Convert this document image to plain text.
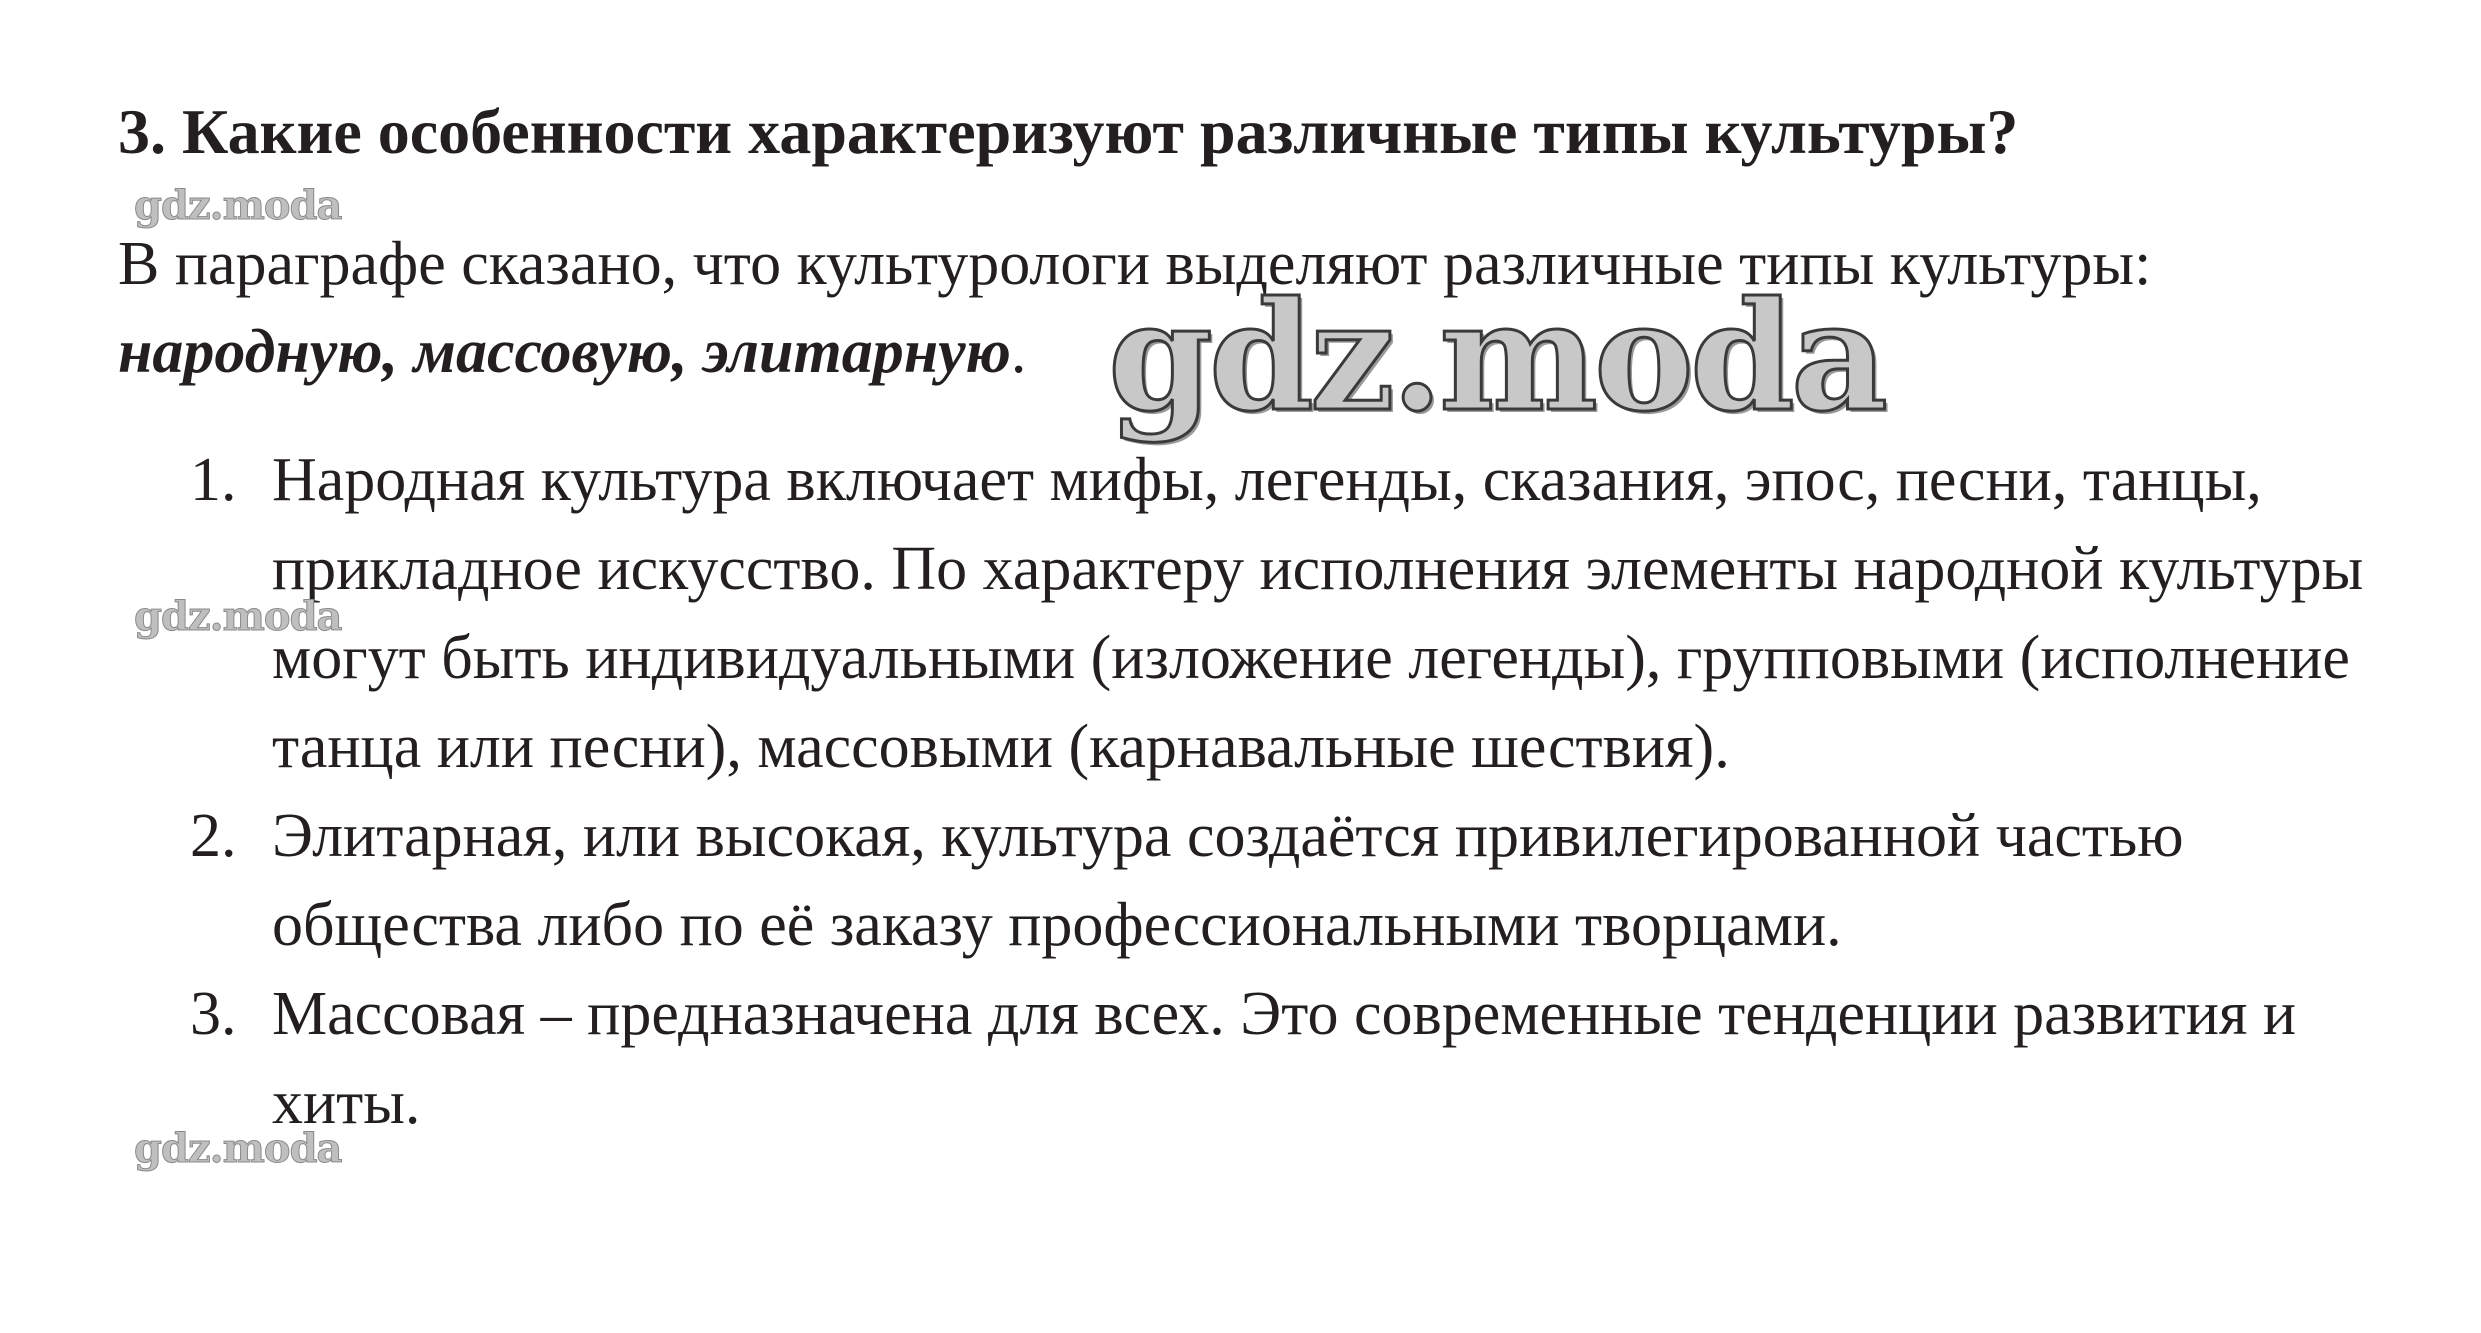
3. Какие особенности характеризуют различные типы культуры?

В параграфе сказано, что культурологи выделяют различные типы культуры: народную, массовую, элитарную.

1. Народная культура включает мифы, легенды, сказания, эпос, песни, танцы, прикладное искусство. По характеру исполнения элементы народной культуры могут быть индивидуальными (изложение легенды), групповыми (исполнение танца или песни), массовыми (карнавальные шествия).
2. Элитарная, или высокая, культура создаётся привилегированной частью общества либо по её заказу профессиональными творцами.
3. Массовая – предназначена для всех. Это современные тенденции развития и хиты.
gdz.moda
gdz.moda
gdz.moda
gdz.moda
